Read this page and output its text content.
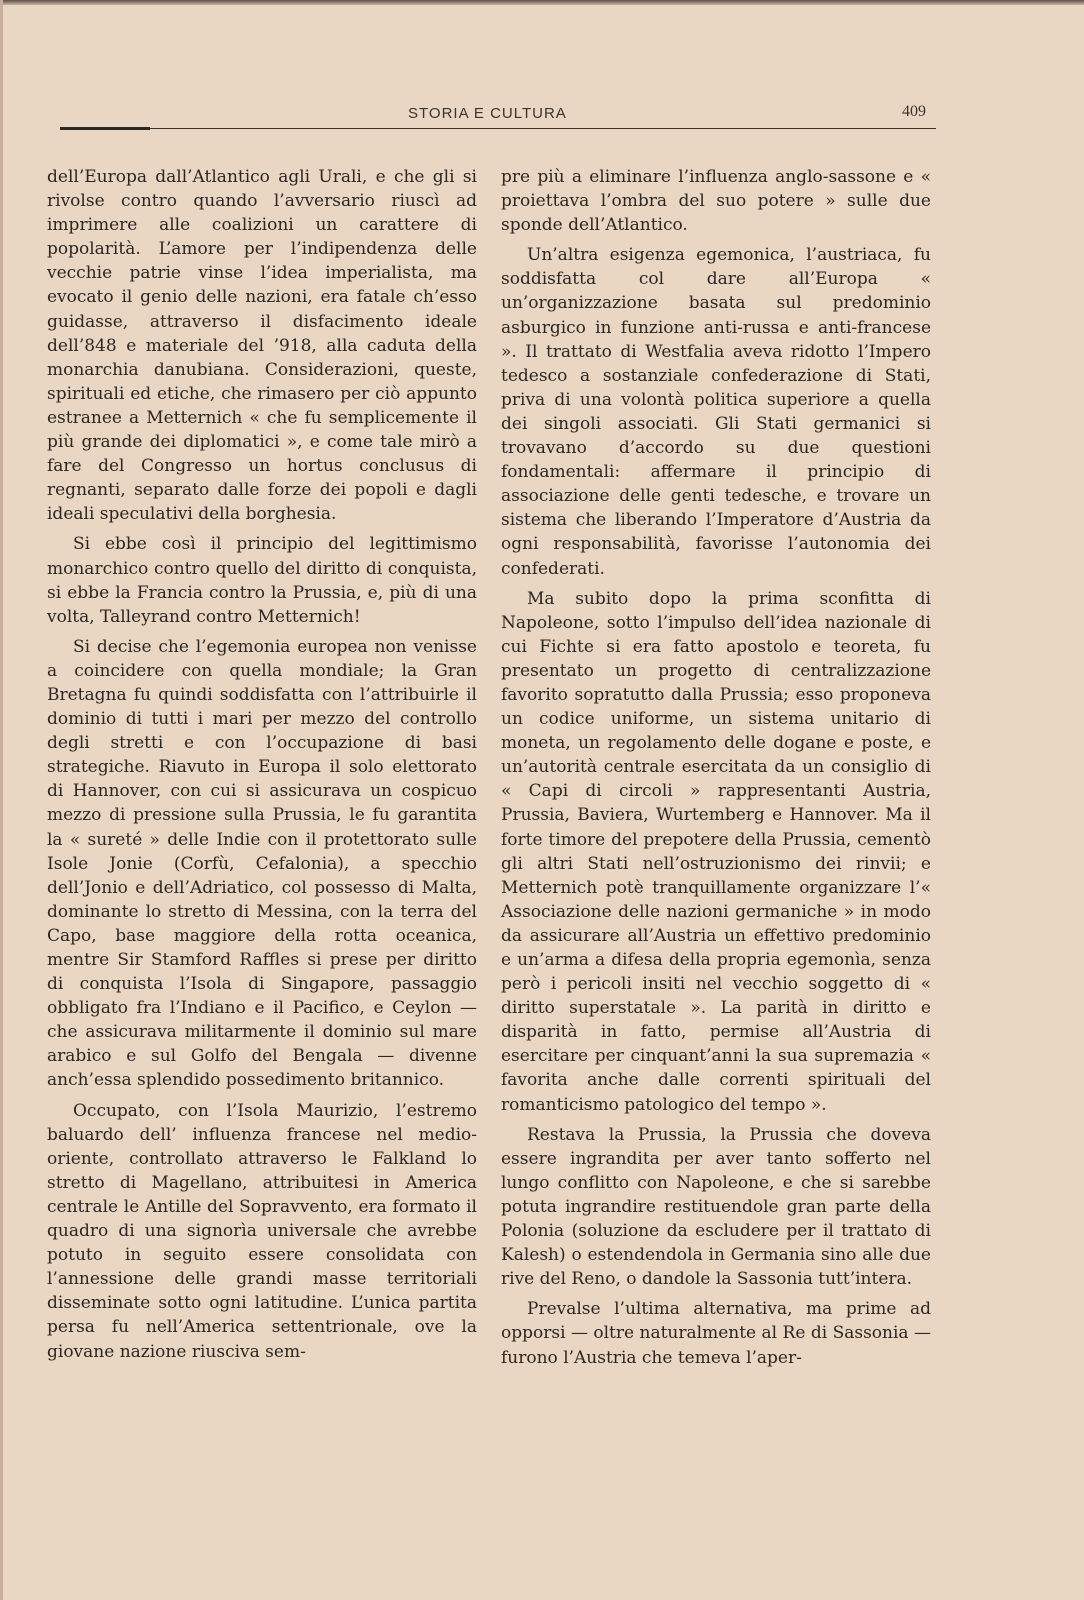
STORIA E CULTURA	409

dell’Europa dall’Atlantico agli Urali, e che gli si rivolse contro quando l’avversario riuscì ad imprimere alle coalizioni un carattere di popolarità. L’amore per l’indipendenza delle vecchie patrie vinse l’idea imperialista, ma evocato il genio delle nazioni, era fatale ch’esso guidasse, attraverso il disfacimento ideale dell’848 e materiale del ’918, alla caduta della monarchia danubiana. Considerazioni, queste, spirituali ed etiche, che rimasero per ciò appunto estranee a Metternich « che fu semplicemente il più grande dei diplomatici », e come tale mirò a fare del Congresso un hortus conclusus di regnanti, separato dalle forze dei popoli e dagli ideali speculativi della borghesia.

Si ebbe così il principio del legittimismo monarchico contro quello del diritto di conquista, si ebbe la Francia contro la Prussia, e, più di una volta, Talleyrand contro Metternich!

Si decise che l’egemonia europea non venisse a coincidere con quella mondiale; la Gran Bretagna fu quindi soddisfatta con l’attribuirle il dominio di tutti i mari per mezzo del controllo degli stretti e con l’occupazione di basi strategiche. Riavuto in Europa il solo elettorato di Hannover, con cui si assicurava un cospicuo mezzo di pressione sulla Prussia, le fu garantita la « sureté » delle Indie con il protettorato sulle Isole Jonie (Corfù, Cefalonia), a specchio dell’Jonio e dell’Adriatico, col possesso di Malta, dominante lo stretto di Messina, con la terra del Capo, base maggiore della rotta oceanica, mentre Sir Stamford Raffles si prese per diritto di conquista l’Isola di Singapore, passaggio obbligato fra l’Indiano e il Pacifico, e Ceylon — che assicurava militarmente il dominio sul mare arabico e sul Golfo del Bengala — divenne anch’essa splendido possedimento britannico.

Occupato, con l’Isola Maurizio, l’estremo baluardo dell’ influenza francese nel medio-oriente, controllato attraverso le Falkland lo stretto di Magellano, attribuitesi in America centrale le Antille del Sopravvento, era formato il quadro di una signorìa universale che avrebbe potuto in seguito essere consolidata con l’annessione delle grandi masse territoriali disseminate sotto ogni latitudine. L’unica partita persa fu nell’America settentrionale, ove la giovane nazione riusciva sem-

pre più a eliminare l’influenza anglo-sassone e « proiettava l’ombra del suo potere » sulle due sponde dell’Atlantico.

Un’altra esigenza egemonica, l’austriaca, fu soddisfatta col dare all’Europa « un’organizzazione basata sul predominio asburgico in funzione anti-russa e anti-francese ». Il trattato di Westfalia aveva ridotto l’Impero tedesco a sostanziale confederazione di Stati, priva di una volontà politica superiore a quella dei singoli associati. Gli Stati germanici si trovavano d’accordo su due questioni fondamentali: affermare il principio di associazione delle genti tedesche, e trovare un sistema che liberando l’Imperatore d’Austria da ogni responsabilità, favorisse l’autonomia dei confederati.

Ma subito dopo la prima sconfitta di Napoleone, sotto l’impulso dell’idea nazionale di cui Fichte si era fatto apostolo e teoreta, fu presentato un progetto di centralizzazione favorito sopratutto dalla Prussia; esso proponeva un codice uniforme, un sistema unitario di moneta, un regolamento delle dogane e poste, e un’autorità centrale esercitata da un consiglio di « Capi di circoli » rappresentanti Austria, Prussia, Baviera, Wurtemberg e Hannover. Ma il forte timore del prepotere della Prussia, cementò gli altri Stati nell’ostruzionismo dei rinvii; e Metternich potè tranquillamente organizzare l’« Associazione delle nazioni germaniche » in modo da assicurare all’Austria un effettivo predominio e un’arma a difesa della propria egemonìa, senza però i pericoli insiti nel vecchio soggetto di « diritto superstatale ». La parità in diritto e disparità in fatto, permise all’Austria di esercitare per cinquant’anni la sua supremazia « favorita anche dalle correnti spirituali del romanticismo patologico del tempo ».

Restava la Prussia, la Prussia che doveva essere ingrandita per aver tanto sofferto nel lungo conflitto con Napoleone, e che si sarebbe potuta ingrandire restituendole gran parte della Polonia (soluzione da escludere per il trattato di Kalesh) o estendendola in Germania sino alle due rive del Reno, o dandole la Sassonia tutt’intera.

Prevalse l’ultima alternativa, ma prime ad opporsi — oltre naturalmente al Re di Sassonia — furono l’Austria che temeva l’aper-
